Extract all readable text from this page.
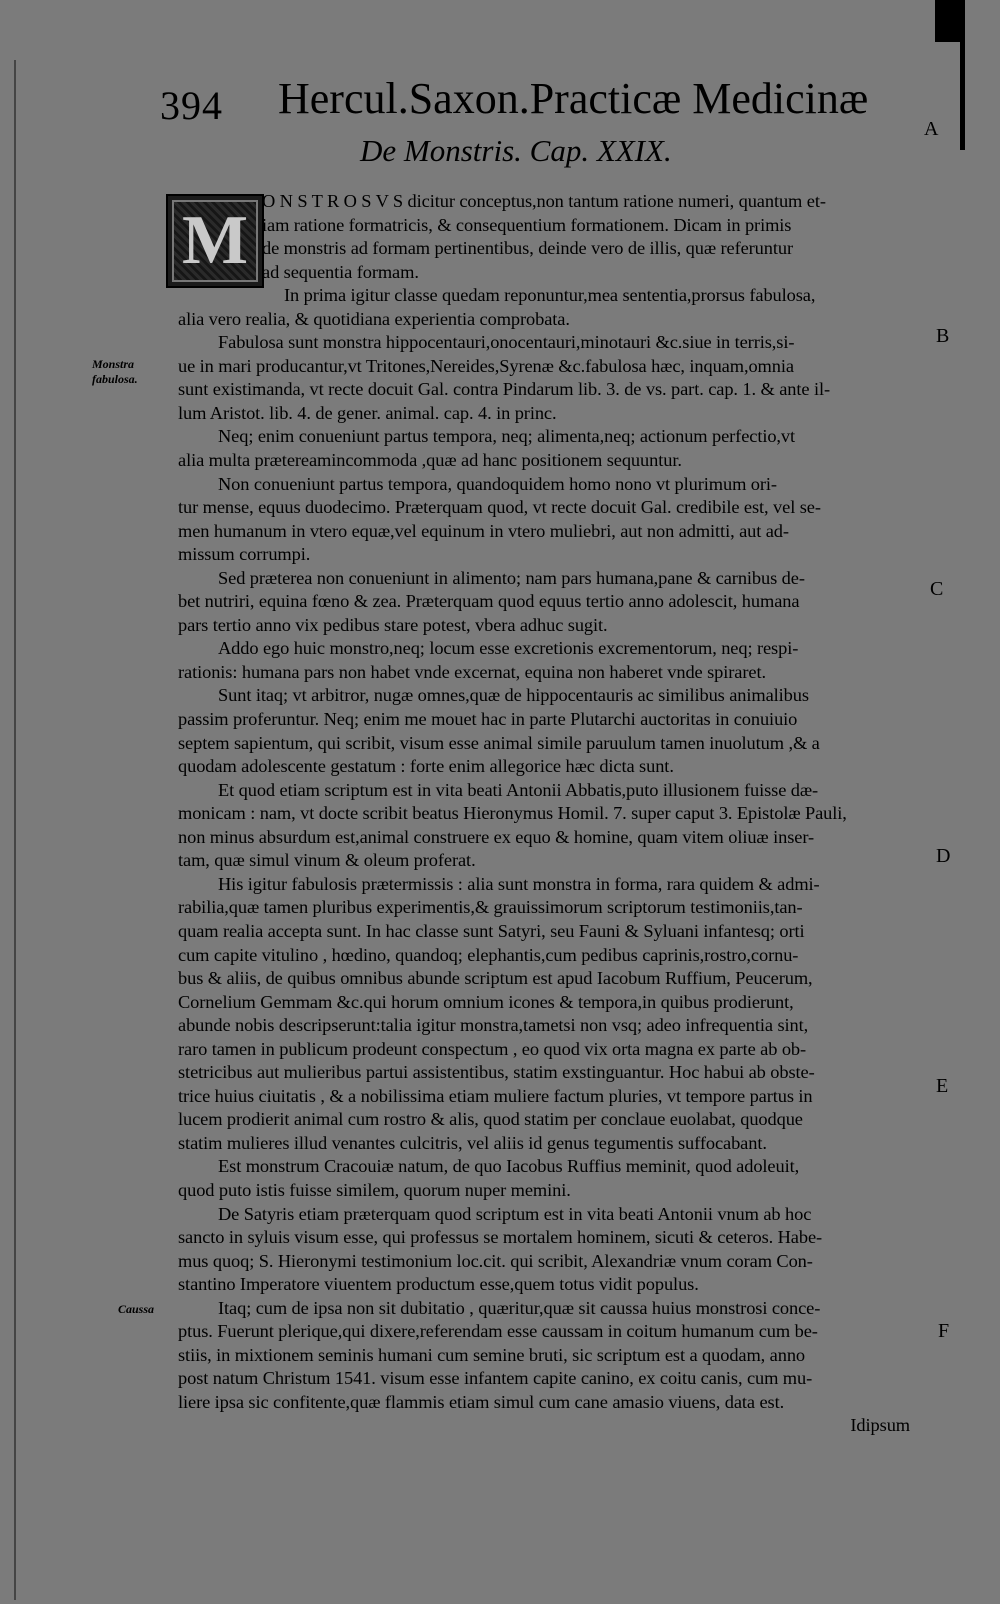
394 Hercul.Saxon.Practicæ Medicinæ
De Monstris. Cap. XXIX.
M
A
B
C
D
E
F
Monstra
fabulosa.
Caussa
O N S T R O S V S dicitur conceptus,non tantum ratione numeri, quantum et-
iam ratione formatricis, & consequentium formationem. Dicam in primis
de monstris ad formam pertinentibus, deinde vero de illis, quæ referuntur
ad sequentia formam.
In prima igitur classe quedam reponuntur,mea sententia,prorsus fabulosa,
alia vero realia, & quotidiana experientia comprobata.
Fabulosa sunt monstra hippocentauri,onocentauri,minotauri &c.siue in terris,si-
ue in mari producantur,vt Tritones,Nereides,Syrenæ &c.fabulosa hæc, inquam,omnia
sunt existimanda, vt recte docuit Gal. contra Pindarum lib. 3. de vs. part. cap. 1. & ante il-
lum Aristot. lib. 4. de gener. animal. cap. 4. in princ.
Neq; enim conueniunt partus tempora, neq; alimenta,neq; actionum perfectio,vt
alia multa prætereamincommoda ,quæ ad hanc positionem sequuntur.
Non conueniunt partus tempora, quandoquidem homo nono vt plurimum ori-
tur mense, equus duodecimo. Præterquam quod, vt recte docuit Gal. credibile est, vel se-
men humanum in vtero equæ,vel equinum in vtero muliebri, aut non admitti, aut ad-
missum corrumpi.
Sed præterea non conueniunt in alimento; nam pars humana,pane & carnibus de-
bet nutriri, equina fœno & zea. Præterquam quod equus tertio anno adolescit, humana
pars tertio anno vix pedibus stare potest, vbera adhuc sugit.
Addo ego huic monstro,neq; locum esse excretionis excrementorum, neq; respi-
rationis: humana pars non habet vnde excernat, equina non haberet vnde spiraret.
Sunt itaq; vt arbitror, nugæ omnes,quæ de hippocentauris ac similibus animalibus
passim proferuntur. Neq; enim me mouet hac in parte Plutarchi auctoritas in conuiuio
septem sapientum, qui scribit, visum esse animal simile paruulum tamen inuolutum ,& a
quodam adolescente gestatum : forte enim allegorice hæc dicta sunt.
Et quod etiam scriptum est in vita beati Antonii Abbatis,puto illusionem fuisse dæ-
monicam : nam, vt docte scribit beatus Hieronymus Homil. 7. super caput 3. Epistolæ Pauli,
non minus absurdum est,animal construere ex equo & homine, quam vitem oliuæ inser-
tam, quæ simul vinum & oleum proferat.
His igitur fabulosis prætermissis : alia sunt monstra in forma, rara quidem & admi-
rabilia,quæ tamen pluribus experimentis,& grauissimorum scriptorum testimoniis,tan-
quam realia accepta sunt. In hac classe sunt Satyri, seu Fauni & Syluani infantesq; orti
cum capite vitulino , hœdino, quandoq; elephantis,cum pedibus caprinis,rostro,cornu-
bus & aliis, de quibus omnibus abunde scriptum est apud Iacobum Ruffium, Peucerum,
Cornelium Gemmam &c.qui horum omnium icones & tempora,in quibus prodierunt,
abunde nobis descripserunt:talia igitur monstra,tametsi non vsq; adeo infrequentia sint,
raro tamen in publicum prodeunt conspectum , eo quod vix orta magna ex parte ab ob-
stetricibus aut mulieribus partui assistentibus, statim exstinguantur. Hoc habui ab obste-
trice huius ciuitatis , & a nobilissima etiam muliere factum pluries, vt tempore partus in
lucem prodierit animal cum rostro & alis, quod statim per conclaue euolabat, quodque
statim mulieres illud venantes culcitris, vel aliis id genus tegumentis suffocabant.
Est monstrum Cracouiæ natum, de quo Iacobus Ruffius meminit, quod adoleuit,
quod puto istis fuisse similem, quorum nuper memini.
De Satyris etiam præterquam quod scriptum est in vita beati Antonii vnum ab hoc
sancto in syluis visum esse, qui professus se mortalem hominem, sicuti & ceteros. Habe-
mus quoq; S. Hieronymi testimonium loc.cit. qui scribit, Alexandriæ vnum coram Con-
stantino Imperatore viuentem productum esse,quem totus vidit populus.
Itaq; cum de ipsa non sit dubitatio , quæritur,quæ sit caussa huius monstrosi conce-
ptus. Fuerunt plerique,qui dixere,referendam esse caussam in coitum humanum cum be-
stiis, in mixtionem seminis humani cum semine bruti, sic scriptum est a quodam, anno
post natum Christum 1541. visum esse infantem capite canino, ex coitu canis, cum mu-
liere ipsa sic confitente,quæ flammis etiam simul cum cane amasio viuens, data est.
Idipsum
